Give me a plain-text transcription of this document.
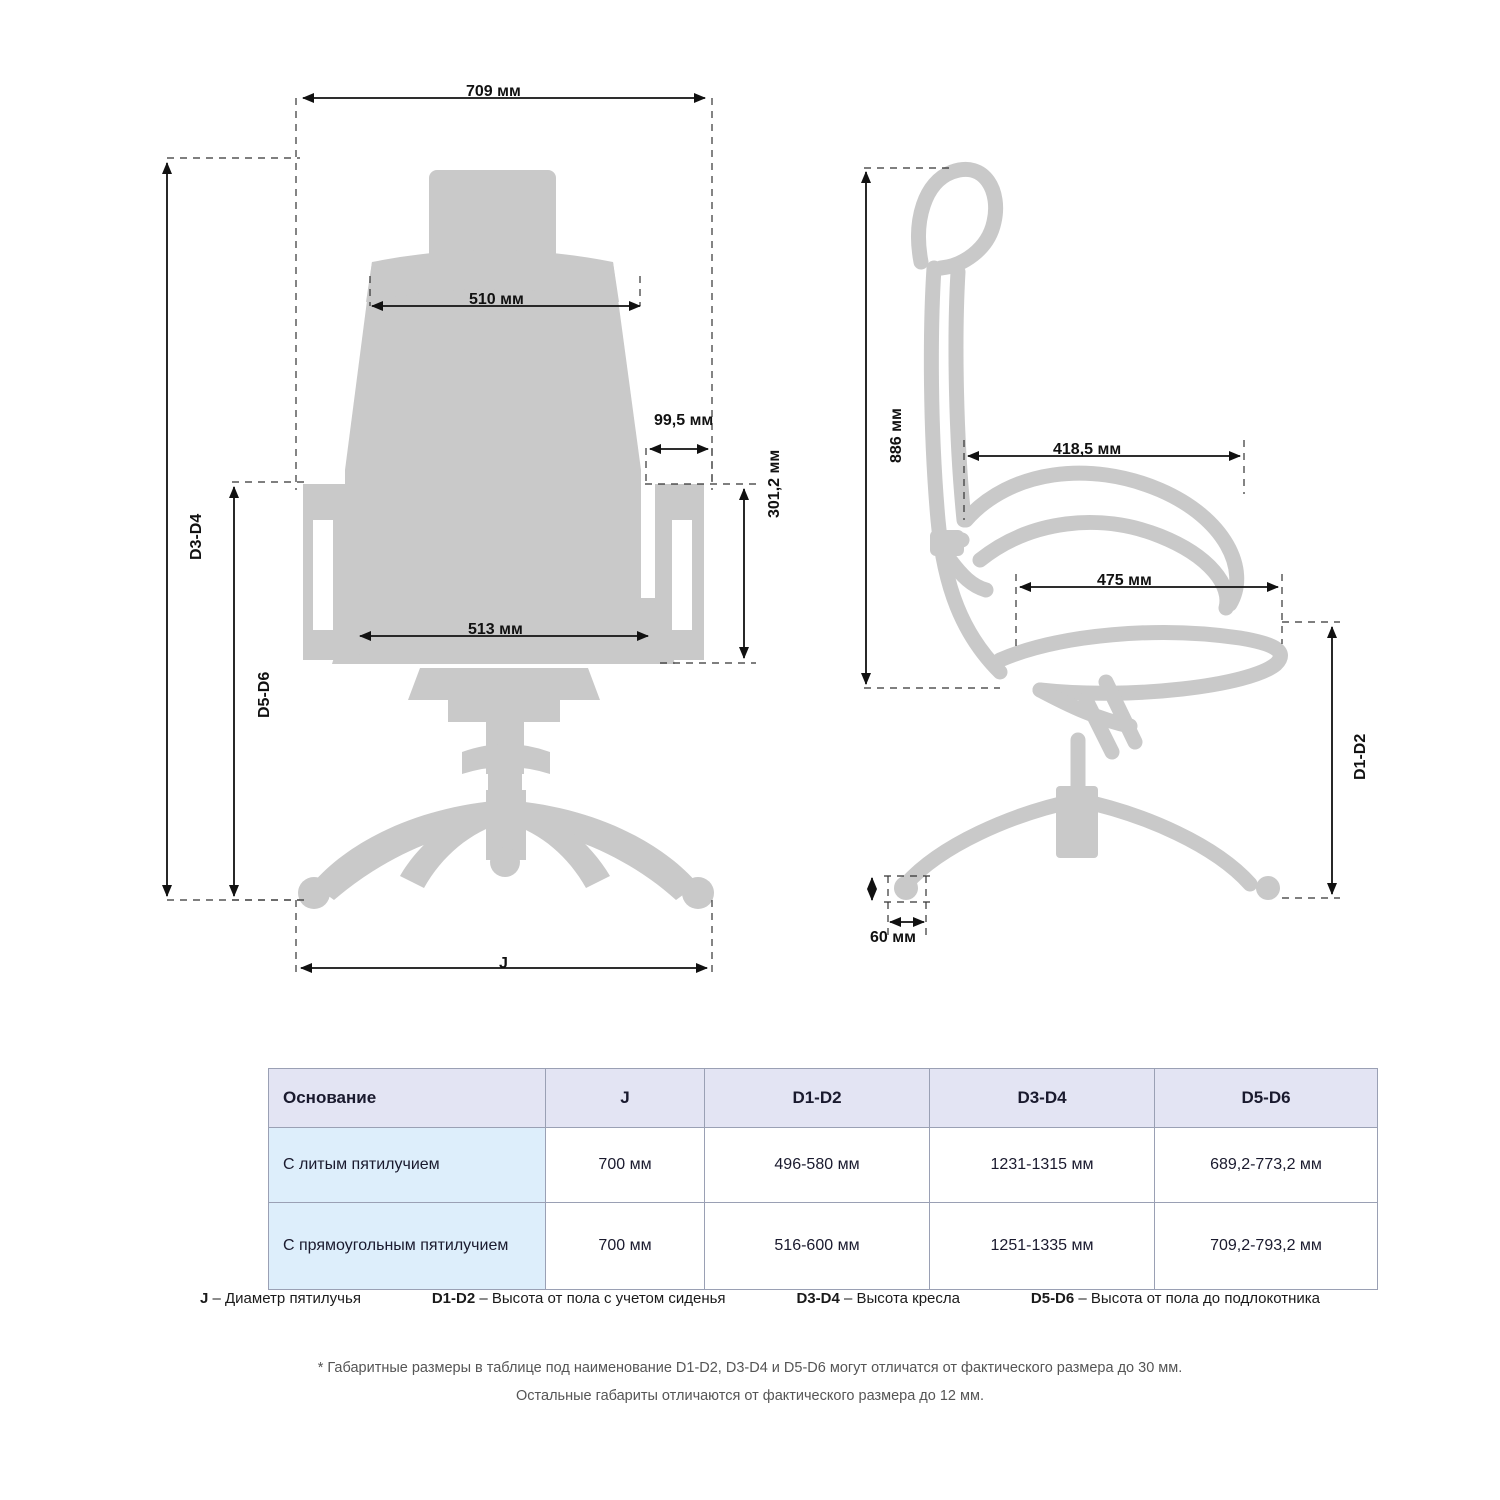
709 мм
510 мм
99,5 мм
513 мм
301,2 мм
D3-D4
D5-D6
J
886 мм	418,5 мм
475 мм
60 мм
D1-D2
Основание	J	D1-D2	D3-D4	D5-D6
С литым пятилучием	700 мм	496-580 мм	1231-1315 мм	689,2-773,2 мм
С прямоугольным пятилучием	700 мм	516-600 мм	1251-1335 мм	709,2-793,2 мм
J – Диаметр пятилучья	D1-D2 – Высота от пола с учетом сиденья	D3-D4 – Высота кресла	D5-D6 – Высота от пола до подлокотника
* Габаритные размеры в таблице под наименование D1-D2, D3-D4 и D5-D6 могут отличатся от фактического размера до 30 мм.
Остальные габариты отличаются от фактического размера до 12 мм.
